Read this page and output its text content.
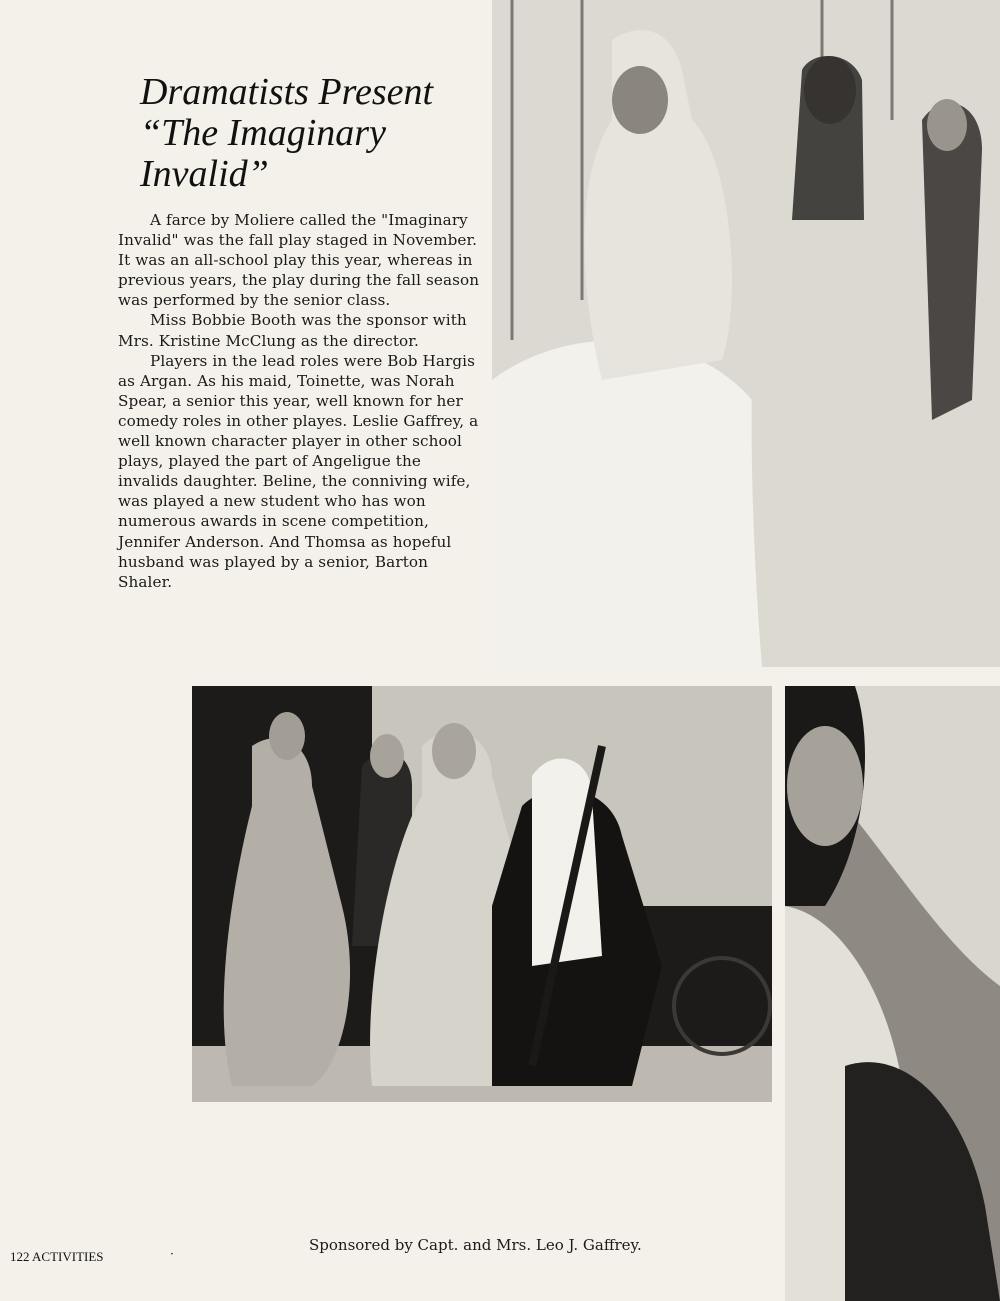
Dramatists Present
“The Imaginary
Invalid”

A farce by Moliere called the "Imaginary Invalid" was the fall play staged in November. It was an all-school play this year, whereas in previous years, the play during the fall season was performed by the senior class.

Miss Bobbie Booth was the sponsor with Mrs. Kristine McClung as the director.

Players in the lead roles were Bob Hargis as Argan. As his maid, Toinette, was Norah Spear, a senior this year, well known for her comedy roles in other playes. Leslie Gaffrey, a well known character player in other school plays, played the part of Angeligue the invalids daughter. Beline, the conniving wife, was played a new student who has won numerous awards in scene competition, Jennifer Anderson. And Thomsa as hopeful husband was played by a senior, Barton Shaler.

122 ACTIVITIES	·	Sponsored by Capt. and Mrs. Leo J. Gaffrey.
